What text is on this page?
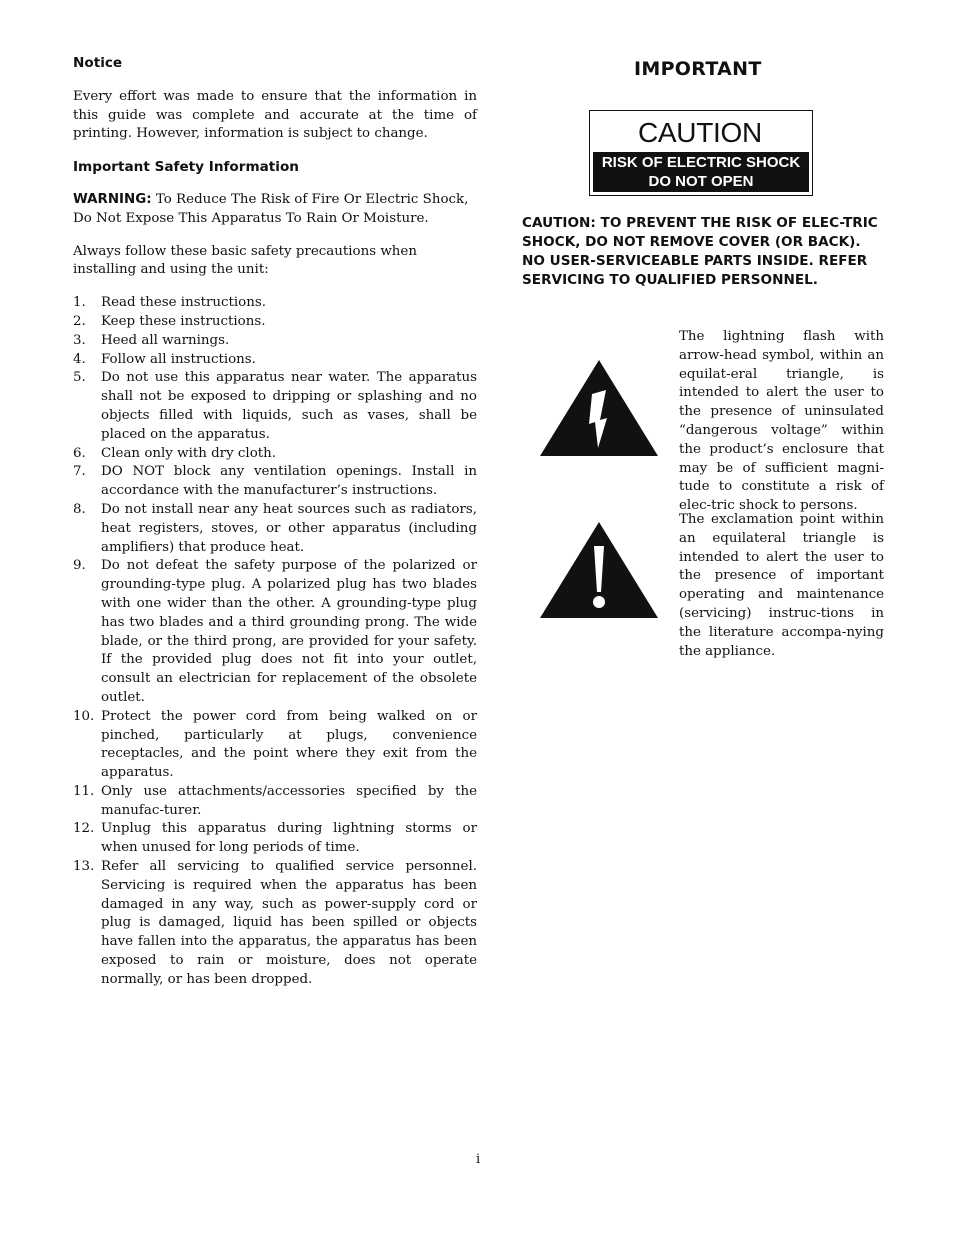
Notice

Every effort was made to ensure that the information in this guide was complete and accurate at the time of printing. However, information is subject to change.

Important Safety Information

WARNING: To Reduce The Risk of Fire Or Electric Shock, Do Not Expose This Apparatus To Rain Or Moisture.

Always follow these basic safety precautions when installing and using the unit:

1. Read these instructions.
2. Keep these instructions.
3. Heed all warnings.
4. Follow all instructions.
5. Do not use this apparatus near water. The apparatus shall not be exposed to dripping or splashing and no objects filled with liquids, such as vases, shall be placed on the apparatus.
6. Clean only with dry cloth.
7. DO NOT block any ventilation openings. Install in accordance with the manufacturer’s instructions.
8. Do not install near any heat sources such as radiators, heat registers, stoves, or other apparatus (including amplifiers) that produce heat.
9. Do not defeat the safety purpose of the polarized or grounding-type plug. A polarized plug has two blades with one wider than the other. A grounding-type plug has two blades and a third grounding prong. The wide blade, or the third prong, are provided for your safety. If the provided plug does not fit into your outlet, consult an electrician for replacement of the obsolete outlet.
10. Protect the power cord from being walked on or pinched, particularly at plugs, convenience receptacles, and the point where they exit from the apparatus.
11. Only use attachments/accessories specified by the manufac-turer.
12. Unplug this apparatus during lightning storms or when unused for long periods of time.
13. Refer all servicing to qualified service personnel. Servicing is required when the apparatus has been damaged in any way, such as power-supply cord or plug is damaged, liquid has been spilled or objects have fallen into the apparatus, the apparatus has been exposed to rain or moisture, does not operate normally, or has been dropped.
IMPORTANT
CAUTION
RISK OF ELECTRIC SHOCK
DO NOT OPEN
CAUTION: TO PREVENT THE RISK OF ELEC-TRIC SHOCK, DO NOT REMOVE COVER (OR BACK). NO USER-SERVICEABLE PARTS INSIDE. REFER SERVICING TO QUALIFIED PERSONNEL.
The lightning flash with arrow-head symbol, within an equilat-eral triangle, is intended to alert the user to the presence of uninsulated “dangerous voltage” within the product’s enclosure that may be of sufficient magni-tude to constitute a risk of elec-tric shock to persons.
The exclamation point within an equilateral triangle is intended to alert the user to the presence of important operating and maintenance (servicing) instruc-tions in the literature accompa-nying the appliance.
i
